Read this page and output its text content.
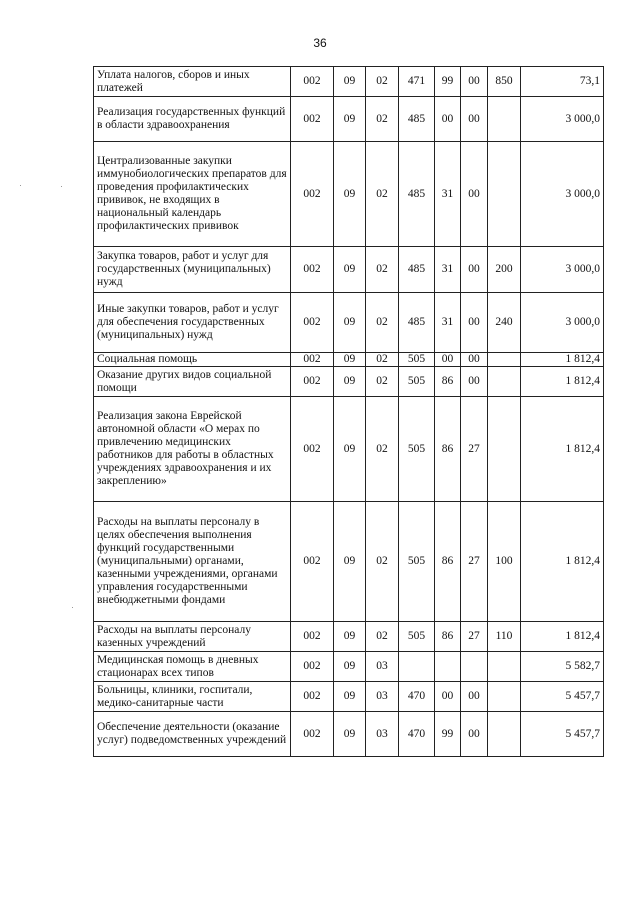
36
Уплата налогов, сборов и иных платежей	002	09	02	471	99	00	850	73,1
Реализация государственных функций в области здравоохранения	002	09	02	485	00	00		3 000,0
Централизованные закупки иммунобиологических препаратов для проведения профилактических прививок, не входящих в национальный календарь профилактических прививок	002	09	02	485	31	00		3 000,0
Закупка товаров, работ и услуг для государственных (муниципальных) нужд	002	09	02	485	31	00	200	3 000,0
Иные закупки товаров, работ и услуг для обеспечения государственных (муниципальных) нужд	002	09	02	485	31	00	240	3 000,0
Социальная помощь	002	09	02	505	00	00		1 812,4
Оказание других видов социальной помощи	002	09	02	505	86	00		1 812,4
Реализация закона Еврейской автономной области «О мерах по привлечению медицинских работников для работы в областных учреждениях здравоохранения и их закреплению»	002	09	02	505	86	27		1 812,4
Расходы на выплаты персоналу в целях обеспечения выполнения функций государственными (муниципальными) органами, казенными учреждениями, органами управления государственными внебюджетными фондами	002	09	02	505	86	27	100	1 812,4
Расходы на выплаты персоналу казенных учреждений	002	09	02	505	86	27	110	1 812,4
Медицинская помощь в дневных стационарах всех типов	002	09	03					5 582,7
Больницы, клиники, госпитали, медико-санитарные части	002	09	03	470	00	00		5 457,7
Обеспечение деятельности (оказание услуг) подведомственных учреждений	002	09	03	470	99	00		5 457,7
